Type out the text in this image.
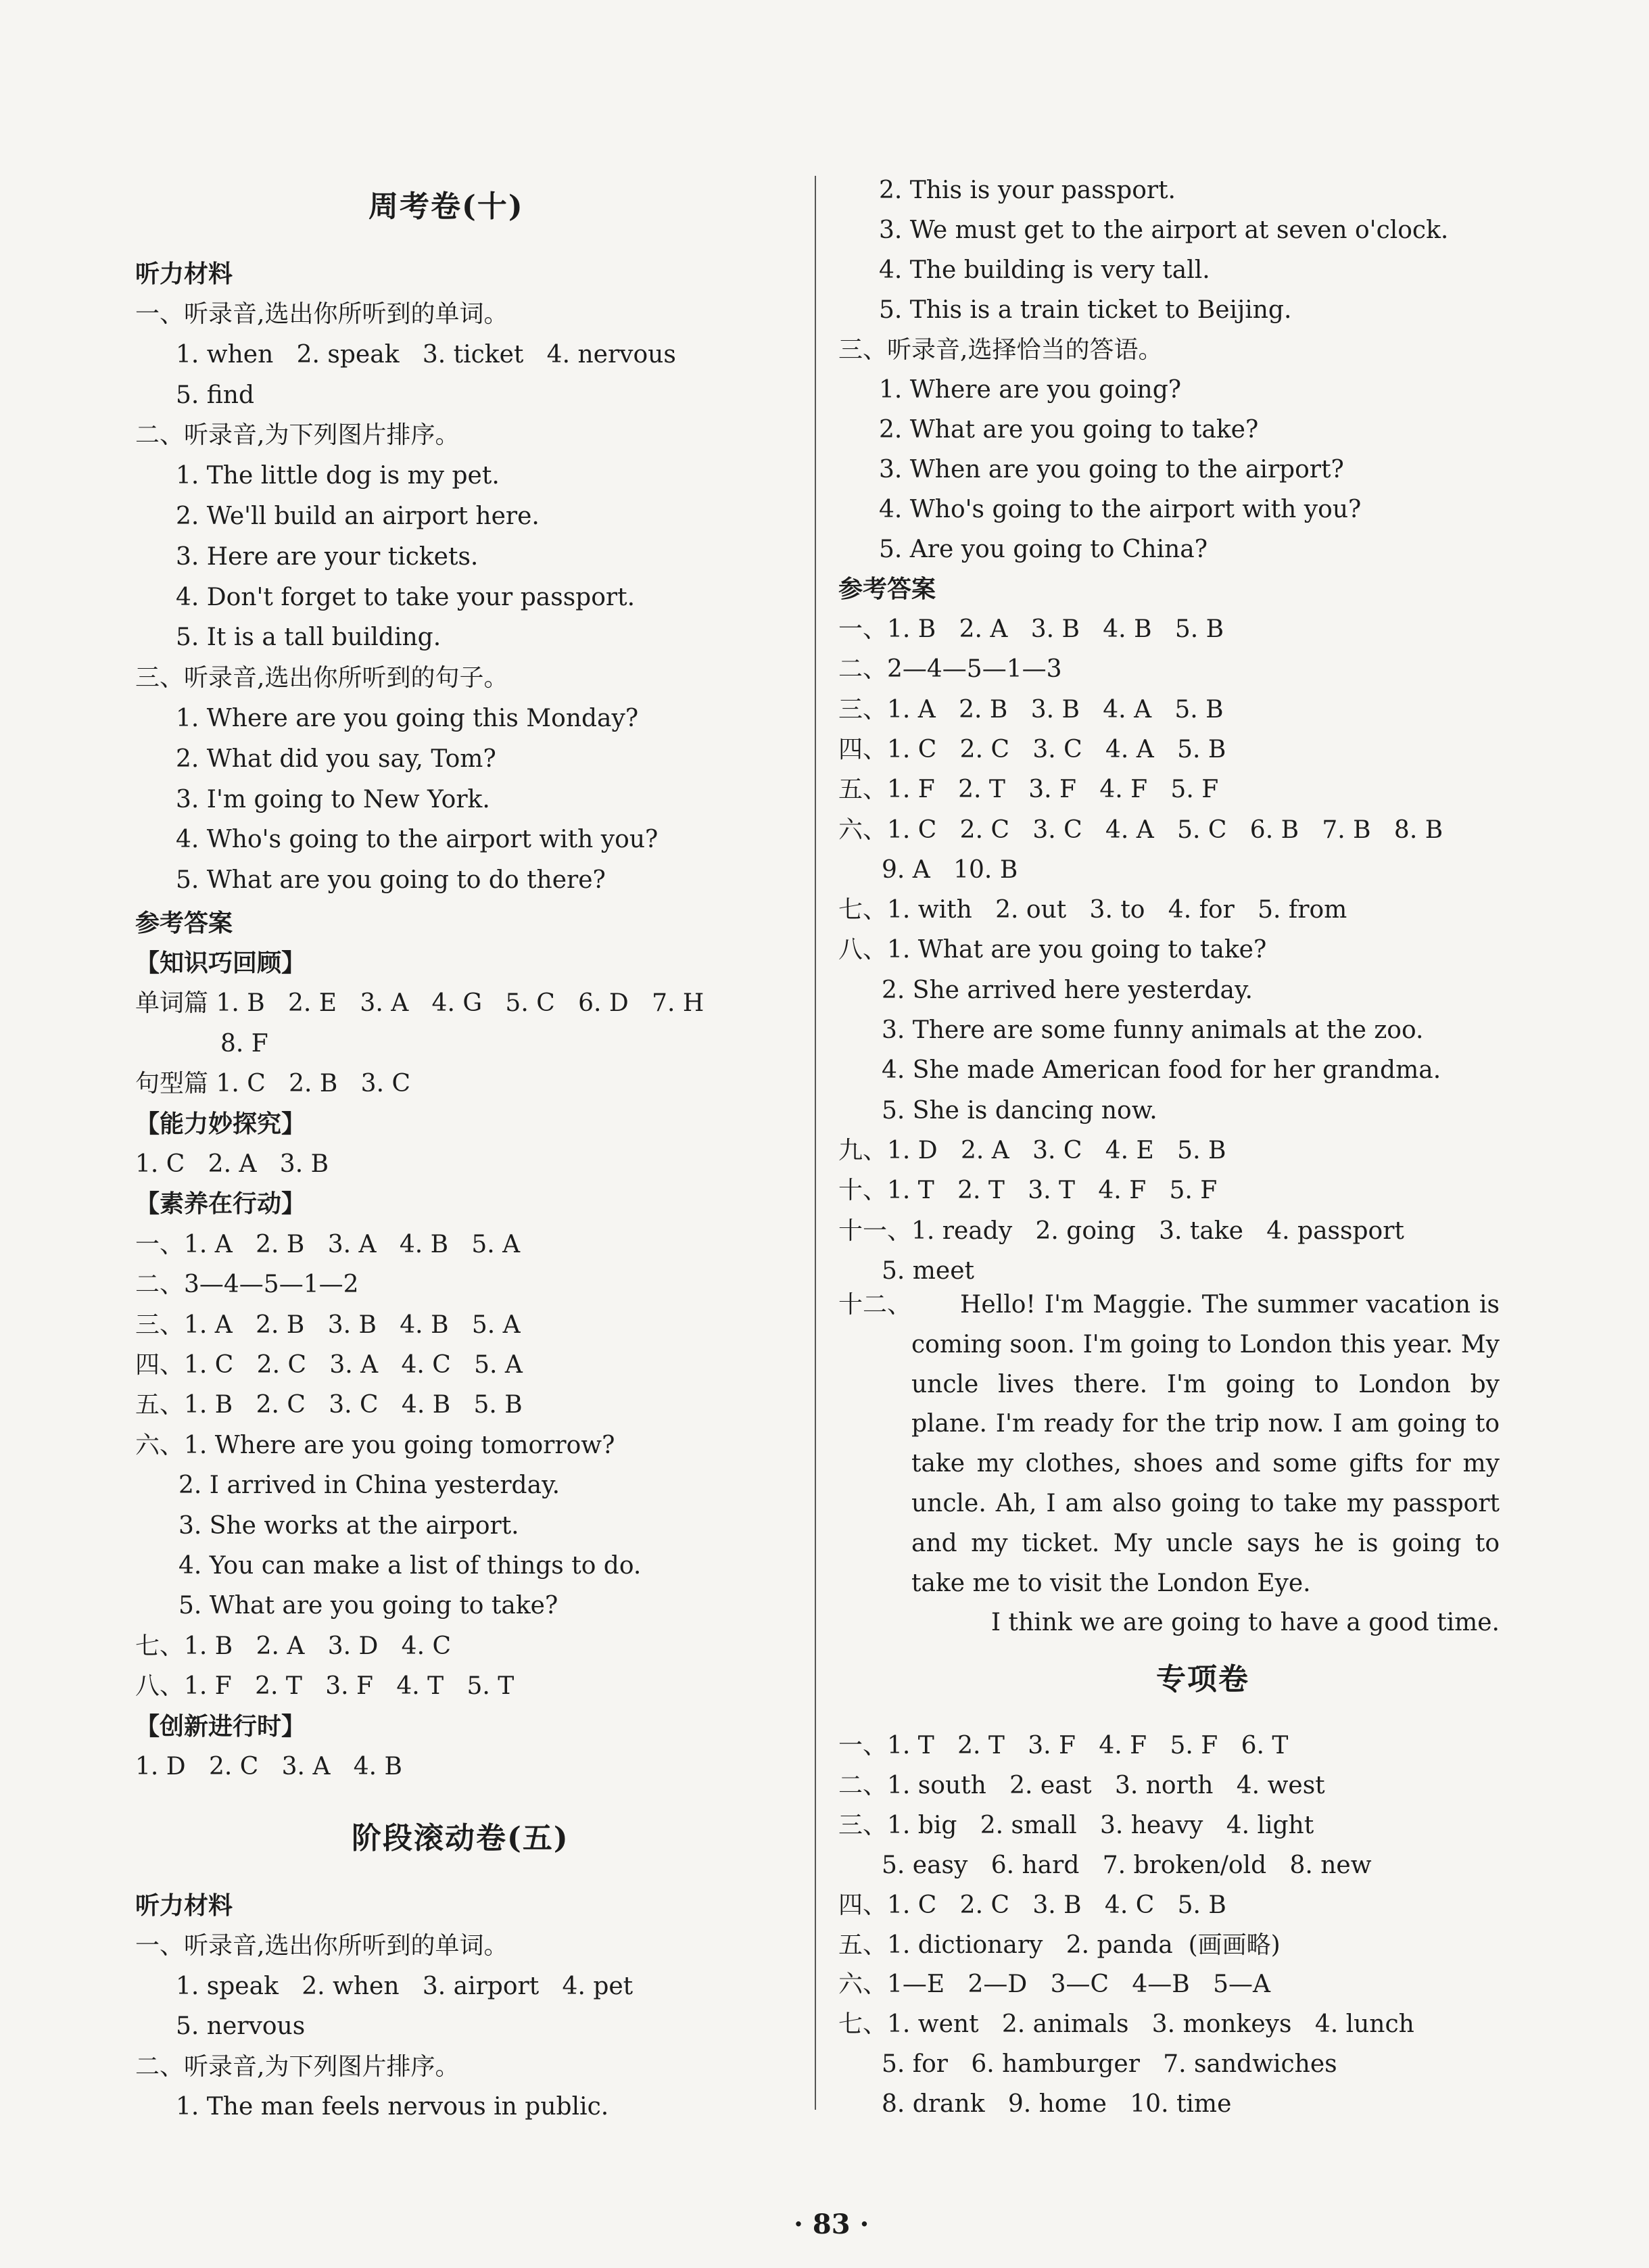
周考卷(十)
听力材料
一、听录音,选出你所听到的单词。
1. when   2. speak   3. ticket   4. nervous
5. find
二、听录音,为下列图片排序。
1. The little dog is my pet.
2. We'll build an airport here.
3. Here are your tickets.
4. Don't forget to take your passport.
5. It is a tall building.
三、听录音,选出你所听到的句子。
1. Where are you going this Monday?
2. What did you say, Tom?
3. I'm going to New York.
4. Who's going to the airport with you?
5. What are you going to do there?
参考答案
【知识巧回顾】
单词篇 1. B   2. E   3. A   4. G   5. C   6. D   7. H
8. F
句型篇 1. C   2. B   3. C
【能力妙探究】
1. C   2. A   3. B
【素养在行动】
一、1. A   2. B   3. A   4. B   5. A
二、3—4—5—1—2
三、1. A   2. B   3. B   4. B   5. A
四、1. C   2. C   3. A   4. C   5. A
五、1. B   2. C   3. C   4. B   5. B
六、1. Where are you going tomorrow?
2. I arrived in China yesterday.
3. She works at the airport.
4. You can make a list of things to do.
5. What are you going to take?
七、1. B   2. A   3. D   4. C
八、1. F   2. T   3. F   4. T   5. T
【创新进行时】
1. D   2. C   3. A   4. B
阶段滚动卷(五)
听力材料
一、听录音,选出你所听到的单词。
1. speak   2. when   3. airport   4. pet
5. nervous
二、听录音,为下列图片排序。
1. The man feels nervous in public.
2. This is your passport.
3. We must get to the airport at seven o'clock.
4. The building is very tall.
5. This is a train ticket to Beijing.
三、听录音,选择恰当的答语。
1. Where are you going?
2. What are you going to take?
3. When are you going to the airport?
4. Who's going to the airport with you?
5. Are you going to China?
参考答案
一、1. B   2. A   3. B   4. B   5. B
二、2—4—5—1—3
三、1. A   2. B   3. B   4. A   5. B
四、1. C   2. C   3. C   4. A   5. B
五、1. F   2. T   3. F   4. F   5. F
六、1. C   2. C   3. C   4. A   5. C   6. B   7. B   8. B
9. A   10. B
七、1. with   2. out   3. to   4. for   5. from
八、1. What are you going to take?
2. She arrived here yesterday.
3. There are some funny animals at the zoo.
4. She made American food for her grandma.
5. She is dancing now.
九、1. D   2. A   3. C   4. E   5. B
十、1. T   2. T   3. T   4. F   5. F
十一、1. ready   2. going   3. take   4. passport
5. meet
十二、	Hello! I'm Maggie. The summer vacation is coming soon. I'm going to London this year. My uncle lives there. I'm going to London by plane. I'm ready for the trip now. I am going to take my clothes, shoes and some gifts for my uncle. Ah, I am also going to take my passport and my ticket. My uncle says he is going to take me to visit the London Eye.
I think we are going to have a good time.
专项卷
一、1. T   2. T   3. F   4. F   5. F   6. T
二、1. south   2. east   3. north   4. west
三、1. big   2. small   3. heavy   4. light
5. easy   6. hard   7. broken/old   8. new
四、1. C   2. C   3. B   4. C   5. B
五、1. dictionary   2. panda  (画画略)
六、1—E   2—D   3—C   4—B   5—A
七、1. went   2. animals   3. monkeys   4. lunch
5. for   6. hamburger   7. sandwiches
8. drank   9. home   10. time
· 83 ·
